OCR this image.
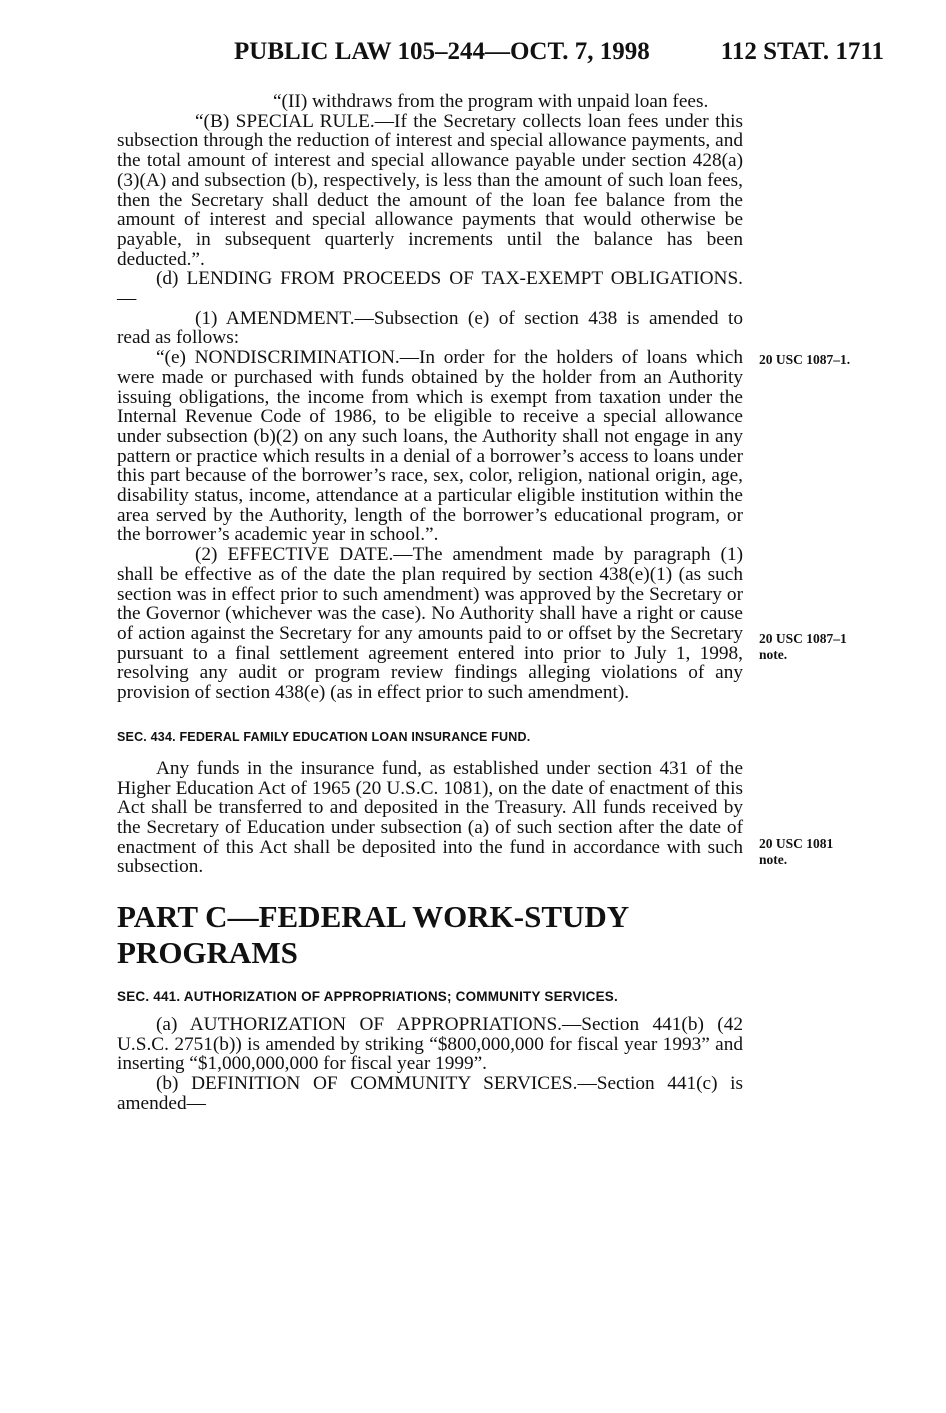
PUBLIC LAW 105–244—OCT. 7, 1998	112 STAT. 1711

“(II) withdraws from the program with unpaid loan fees.

“(B) SPECIAL RULE.—If the Secretary collects loan fees under this subsection through the reduction of interest and special allowance payments, and the total amount of interest and special allowance payable under section 428(a)(3)(A) and subsection (b), respectively, is less than the amount of such loan fees, then the Secretary shall deduct the amount of the loan fee balance from the amount of interest and special allowance payments that would otherwise be payable, in subsequent quarterly increments until the balance has been deducted.”.

(d) LENDING FROM PROCEEDS OF TAX-EXEMPT OBLIGATIONS.—

(1) AMENDMENT.—Subsection (e) of section 438 is amended to read as follows:

“(e) NONDISCRIMINATION.—In order for the holders of loans which were made or purchased with funds obtained by the holder from an Authority issuing obligations, the income from which is exempt from taxation under the Internal Revenue Code of 1986, to be eligible to receive a special allowance under subsection (b)(2) on any such loans, the Authority shall not engage in any pattern or practice which results in a denial of a borrower’s access to loans under this part because of the borrower’s race, sex, color, religion, national origin, age, disability status, income, attendance at a particular eligible institution within the area served by the Authority, length of the borrower’s educational program, or the borrower’s academic year in school.”.

(2) EFFECTIVE DATE.—The amendment made by paragraph (1) shall be effective as of the date the plan required by section 438(e)(1) (as such section was in effect prior to such amendment) was approved by the Secretary or the Governor (whichever was the case). No Authority shall have a right or cause of action against the Secretary for any amounts paid to or offset by the Secretary pursuant to a final settlement agreement entered into prior to July 1, 1998, resolving any audit or program review findings alleging violations of any provision of section 438(e) (as in effect prior to such amendment).

SEC. 434. FEDERAL FAMILY EDUCATION LOAN INSURANCE FUND.

Any funds in the insurance fund, as established under section 431 of the Higher Education Act of 1965 (20 U.S.C. 1081), on the date of enactment of this Act shall be transferred to and deposited in the Treasury. All funds received by the Secretary of Education under subsection (a) of such section after the date of enactment of this Act shall be deposited into the fund in accordance with such subsection.

PART C—FEDERAL WORK-STUDY PROGRAMS
SEC. 441. AUTHORIZATION OF APPROPRIATIONS; COMMUNITY SERVICES.

(a) AUTHORIZATION OF APPROPRIATIONS.—Section 441(b) (42 U.S.C. 2751(b)) is amended by striking “$800,000,000 for fiscal year 1993” and inserting “$1,000,000,000 for fiscal year 1999”.

(b) DEFINITION OF COMMUNITY SERVICES.—Section 441(c) is amended—

20 USC 1087–1.
20 USC 1087–1 note.
20 USC 1081 note.
